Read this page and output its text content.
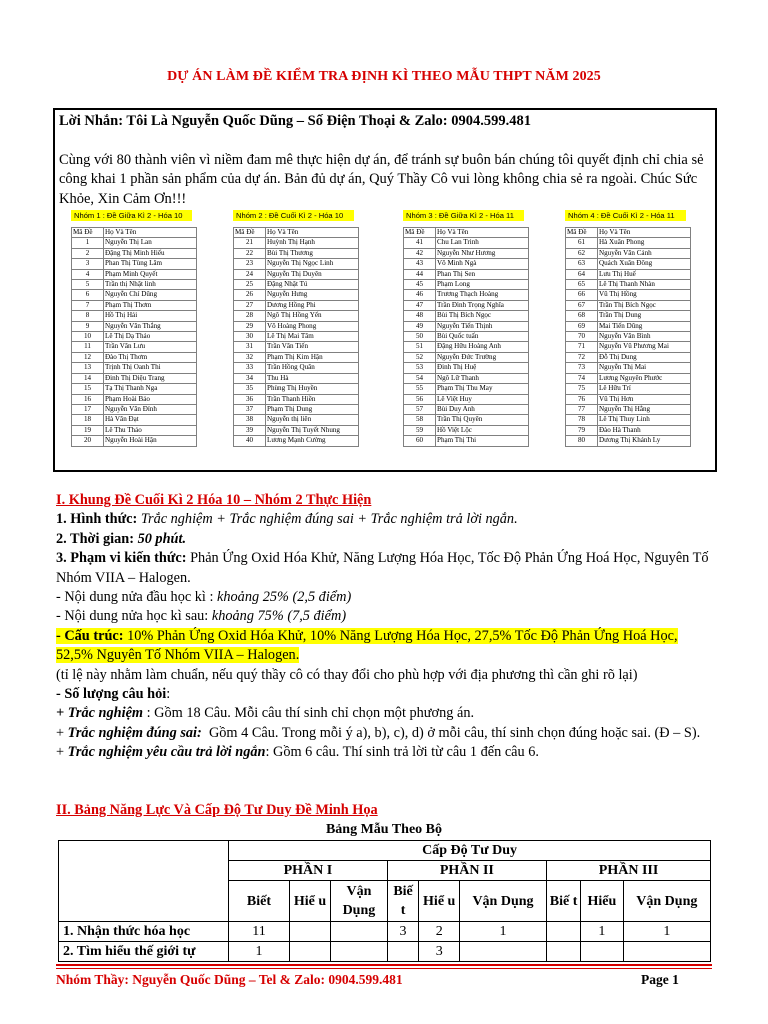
DỰ ÁN LÀM ĐỀ KIỂM TRA ĐỊNH KÌ THEO MẪU THPT NĂM 2025
Lời Nhắn: Tôi Là Nguyễn Quốc Dũng – Số Điện Thoại & Zalo: 0904.599.481
Cùng với 80 thành viên vì niềm đam mê thực hiện dự án, để tránh sự buôn bán chúng tôi quyết định chỉ chia sẻ công khai 1 phần sản phẩm của dự án. Bản đủ dự án, Quý Thầy Cô vui lòng không chia sẻ ra ngoài. Chúc Sức Khỏe, Xin Cảm Ơn!!!
Nhóm 1 : Đề Giữa Kì 2 - Hóa 10
Mã Đề	Họ Và Tên
1	Nguyễn Thị Lan
2	Đặng Thị Minh Hiếu
3	Phan Thị Tùng Lâm
4	Phạm Minh Quyết
5	Trần thị Nhật linh
6	Nguyễn Chí Dũng
7	Phạm Thị Thơm
8	Hồ Thị Hải
9	Nguyễn Văn Thắng
10	Lê Thị Dạ Thảo
11	Trần Văn Lưu
12	Đào Thị Thơm
13	Trịnh Thị Oanh Thi
14	Đinh Thị Diệu Trang
15	Tạ Thị Thanh Nga
16	Phạm Hoài Bảo
17	Nguyễn Văn Đính
18	Hà Văn Đạt
19	Lê Thu Thảo
20	Nguyễn Hoài Hận
Nhóm 2 : Đề Cuối Kì 2 - Hóa 10
Mã Đề	Họ Và Tên
21	Huỳnh Thị Hạnh
22	Bùi Thị Thương
23	Nguyễn Thị Ngọc Linh
24	Nguyễn Thị Duyên
25	Đặng Nhật Tú
26	Nguyễn Hưng
27	Dương Hồng Phi
28	Ngô Thị Hồng Yến
29	Võ Hoàng Phong
30	Lê Thị Mai Tâm
31	Trần Văn Tiến
32	Phạm Thị Kim Hận
33	Trần Hồng Quân
34	Thu Hà
35	Phùng Thị Huyền
36	Trần Thanh Hiền
37	Phạm Thị Dung
38	Nguyễn thị liên
39	Nguyễn Thị Tuyết Nhung
40	Lương Mạnh Cường
Nhóm 3 : Đề Giữa Kì 2 - Hóa 11
Mã Đề	Họ Và Tên
41	Chu Lan Trinh
42	Nguyễn Như Hương
43	Võ Minh Ngà
44	Phan Thị Sen
45	Phạm Long
46	Trương Thạch Hoàng
47	Trần Đình Trọng Nghĩa
48	Bùi Thị Bích Ngọc
49	Nguyễn Tiến Thịnh
50	Bùi Quốc tuấn
51	Đặng Hữu Hoàng Anh
52	Nguyễn Đức Trường
53	Đinh Thị Huệ
54	Ngô Lữ Thanh
55	Phạm Thị Thu May
56	Lê Việt Huy
57	Bùi Duy Anh
58	Trần Thị Quyên
59	Hồ Việt Lộc
60	Phạm Thị Thi
Nhóm 4 : Đề Cuối Kì 2 - Hóa 11
Mã Đề	Họ Và Tên
61	Hà Xuân Phong
62	Nguyễn Văn Cảnh
63	Quách Xuân Đông
64	Lưu Thị Huế
65	Lê Thị Thanh Nhàn
66	Vũ Thị Hồng
67	Trần Thị Bích Ngọc
68	Trần Thị Dung
69	Mai Tiến Dũng
70	Nguyễn Văn Bình
71	Nguyễn Vũ Phương Mai
72	Đỗ Thị Dung
73	Nguyễn Thị Mai
74	Lương Nguyên Phước
75	Lê Hữu Trí
76	Vũ Thị Hơn
77	Nguyễn Thị Hằng
78	Lê Thị Thuy Linh
79	Đào Hà Thanh
80	Dương Thị Khánh Ly
I. Khung Đề Cuối Kì 2 Hóa 10 – Nhóm 2 Thực Hiện
1. Hình thức: Trắc nghiệm + Trắc nghiệm đúng sai + Trắc nghiệm trả lời ngắn.
2. Thời gian: 50 phút.
3. Phạm vi kiến thức: Phản Ứng Oxid Hóa Khử, Năng Lượng Hóa Học, Tốc Độ Phản Ứng Hoá Học, Nguyên Tố Nhóm VIIA – Halogen.
- Nội dung nửa đầu học kì : khoảng 25% (2,5 điểm)
- Nội dung nửa học kì sau: khoảng 75% (7,5 điểm)
- Cấu trúc: 10% Phản Ứng Oxid Hóa Khử, 10% Năng Lượng Hóa Học, 27,5% Tốc Độ Phản Ứng Hoá Học, 52,5% Nguyên Tố Nhóm VIIA – Halogen.
(tỉ lệ này nhằm làm chuẩn, nếu quý thầy cô có thay đổi cho phù hợp với địa phương thì cần ghi rõ lại)
- Số lượng câu hỏi:
+ Trắc nghiệm : Gồm 18 Câu. Mỗi câu thí sinh chỉ chọn một phương án.
+ Trắc nghiệm đúng sai: Gồm 4 Câu. Trong mỗi ý a), b), c), d) ở mỗi câu, thí sinh chọn đúng hoặc sai. (Đ – S).
+ Trắc nghiệm yêu cầu trả lời ngắn: Gồm 6 câu. Thí sinh trả lời từ câu 1 đến câu 6.
II. Bảng Năng Lực Và Cấp Độ Tư Duy Đề Minh Họa
Bảng Mẫu Theo Bộ
	Cấp Độ Tư Duy								
	PHẦN I			PHẦN II			PHẦN III		
	Biết	Hiể u	Vận Dụng	Biế t	Hiể u	Vận Dụng	Biế t	Hiểu	Vận Dụng
1. Nhận thức hóa học	11			3	2	1		1	1
2. Tìm hiểu thế giới tự	1				3				
Nhóm Thầy: Nguyễn Quốc Dũng – Tel & Zalo: 0904.599.481	Page 1
